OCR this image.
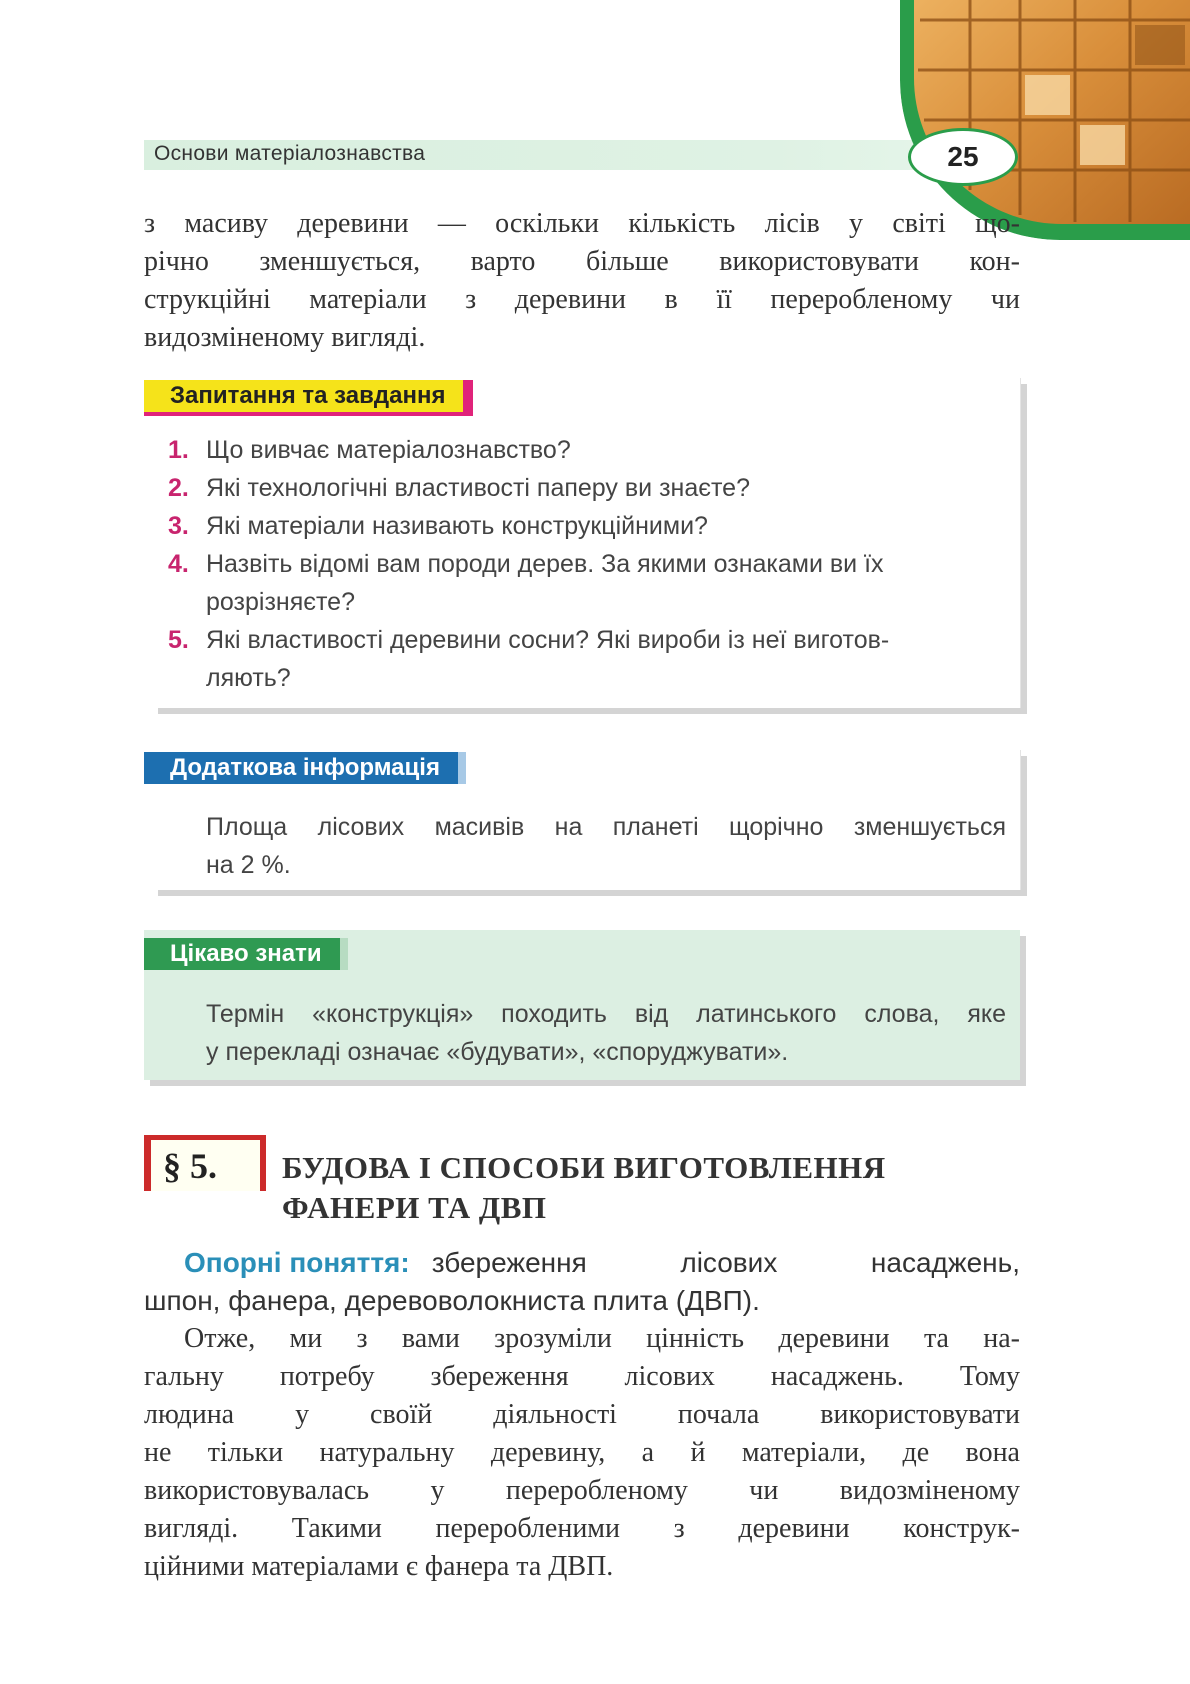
Основи матеріалознавства	25
з масиву деревини — оскільки кількість лісів у світі що-
річно зменшується, варто більше використовувати кон-
струкційні матеріали з деревини в її переробленому чи
видозміненому вигляді.
Запитання та завдання
1. Що вивчає матеріалознавство?
2. Які технологічні властивості паперу ви знаєте?
3. Які матеріали називають конструкційними?
4. Назвіть відомі вам породи дерев. За якими ознаками ви їх
розрізняєте?
5. Які властивості деревини сосни? Які вироби із неї виготов-
ляють?
Додаткова інформація
Площа лісових масивів на планеті щорічно зменшується
на 2 %.
Цікаво знати
Термін «конструкція» походить від латинського слова, яке
у перекладі означає «будувати», «споруджувати».
§ 5.	БУДОВА І СПОСОБИ ВИГОТОВЛЕННЯ
ФАНЕРИ ТА ДВП
Опорні поняття: збереження лісових насаджень,
шпон, фанера, деревоволокниста плита (ДВП).
Отже, ми з вами зрозуміли цінність деревини та на-
гальну потребу збереження лісових насаджень. Тому
людина у своїй діяльності почала використовувати
не тільки натуральну деревину, а й матеріали, де вона
використовувалась у переробленому чи видозміненому
вигляді. Такими переробленими з деревини конструк-
ційними матеріалами є фанера та ДВП.
